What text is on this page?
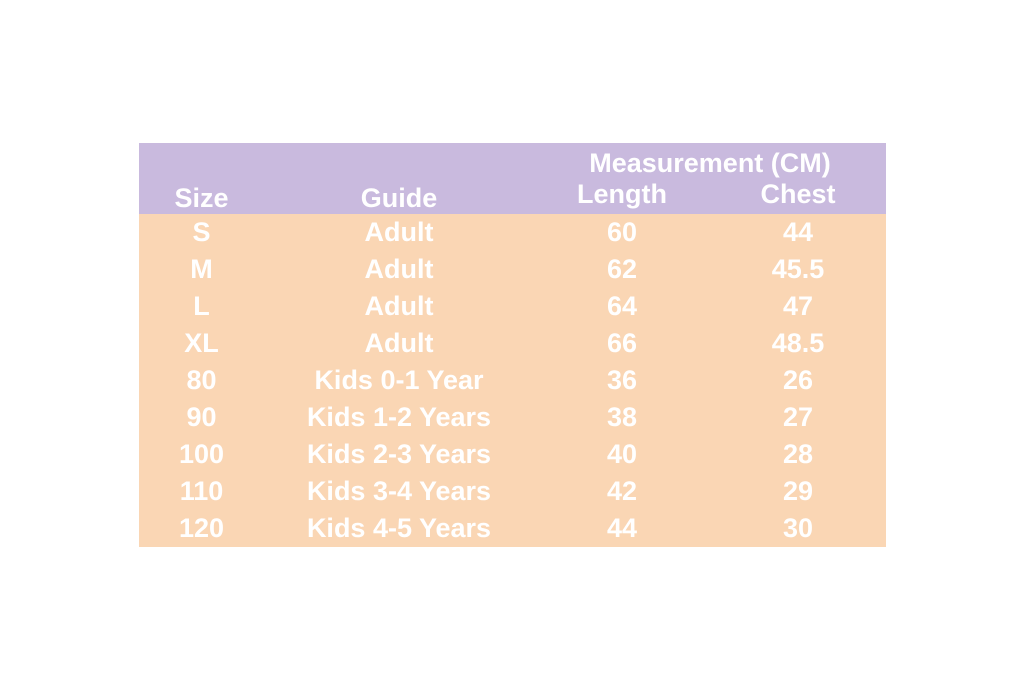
Size	Guide	Measurement (CM)	
		Length	Chest
S	Adult	60	44
M	Adult	62	45.5
L	Adult	64	47
XL	Adult	66	48.5
80	Kids 0-1 Year	36	26
90	Kids 1-2 Years	38	27
100	Kids 2-3 Years	40	28
110	Kids 3-4 Years	42	29
120	Kids 4-5 Years	44	30
